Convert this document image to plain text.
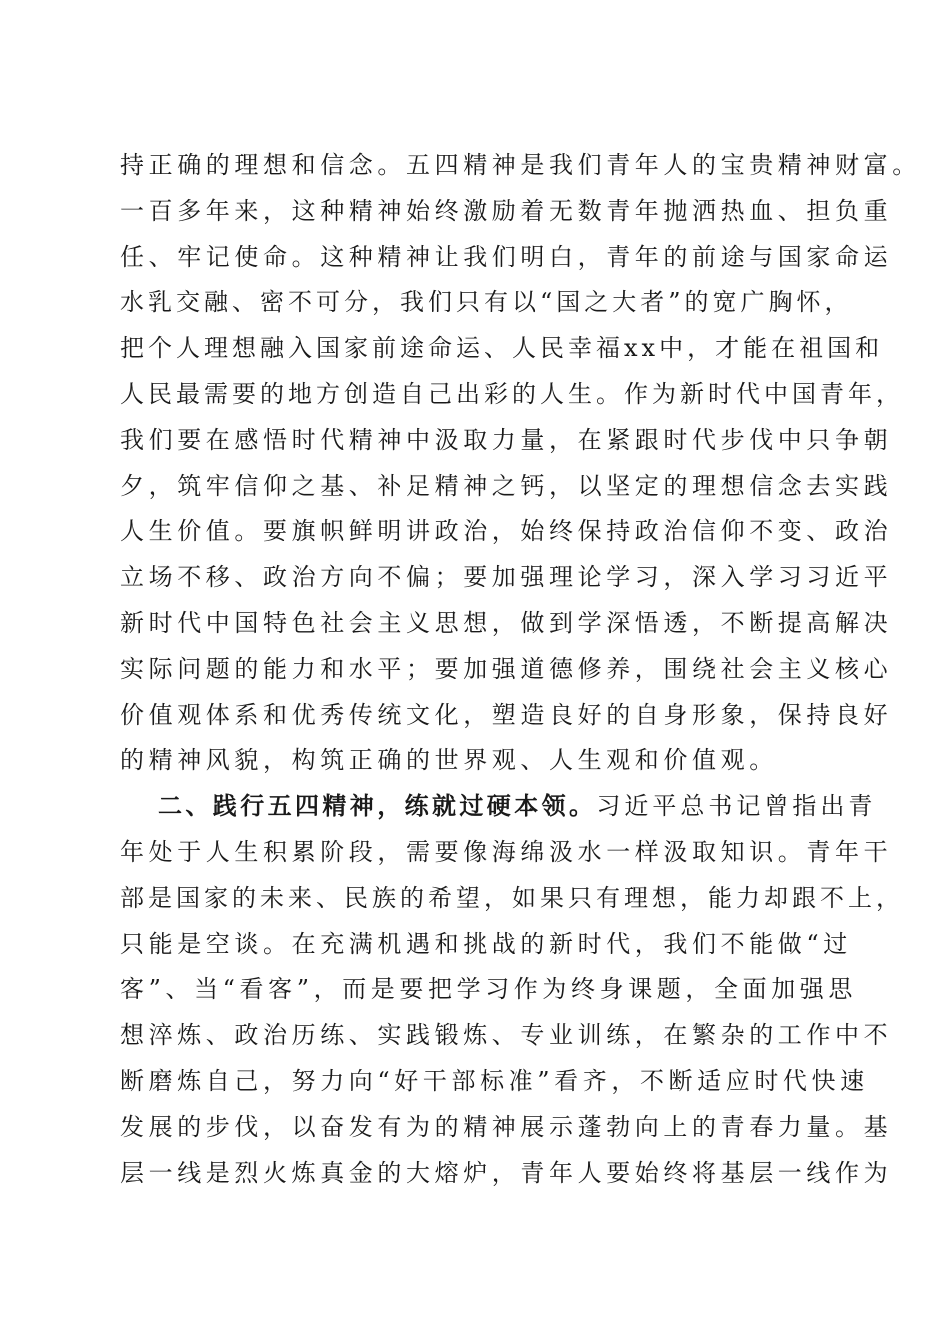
持正确的理想和信念。五四精神是我们青年人的宝贵精神财富。
一百多年来，这种精神始终激励着无数青年抛洒热血、担负重
任、牢记使命。这种精神让我们明白，青年的前途与国家命运
水乳交融、密不可分，我们只有以“国之大者”的宽广胸怀，
把个人理想融入国家前途命运、人民幸福xx中，才能在祖国和
人民最需要的地方创造自己出彩的人生。作为新时代中国青年，
我们要在感悟时代精神中汲取力量，在紧跟时代步伐中只争朝
夕，筑牢信仰之基、补足精神之钙，以坚定的理想信念去实践
人生价值。要旗帜鲜明讲政治，始终保持政治信仰不变、政治
立场不移、政治方向不偏；要加强理论学习，深入学习习近平
新时代中国特色社会主义思想，做到学深悟透，不断提高解决
实际问题的能力和水平；要加强道德修养，围绕社会主义核心
价值观体系和优秀传统文化，塑造良好的自身形象，保持良好
的精神风貌，构筑正确的世界观、人生观和价值观。
二、践行五四精神，练就过硬本领。习近平总书记曾指出青
年处于人生积累阶段，需要像海绵汲水一样汲取知识。青年干
部是国家的未来、民族的希望，如果只有理想，能力却跟不上，
只能是空谈。在充满机遇和挑战的新时代，我们不能做“过
客”、当“看客”，而是要把学习作为终身课题，全面加强思
想淬炼、政治历练、实践锻炼、专业训练，在繁杂的工作中不
断磨炼自己，努力向“好干部标准”看齐，不断适应时代快速
发展的步伐，以奋发有为的精神展示蓬勃向上的青春力量。基
层一线是烈火炼真金的大熔炉，青年人要始终将基层一线作为
